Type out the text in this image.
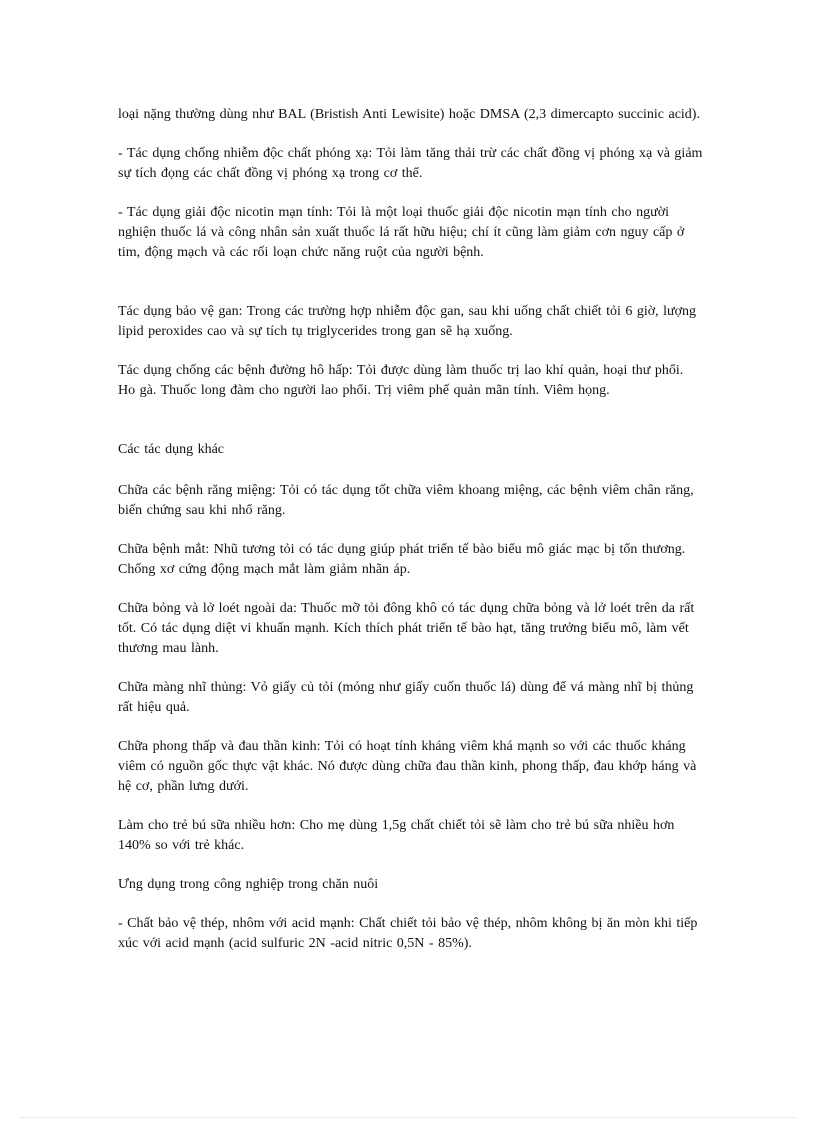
loại nặng thường dùng như BAL (Bristish Anti Lewisite) hoặc DMSA (2,3 dimercapto succinic acid).

- Tác dụng chống nhiễm độc chất phóng xạ: Tỏi làm tăng thải trừ các chất đồng vị phóng xạ và giảm sự tích đọng các chất đồng vị phóng xạ trong cơ thể.

- Tác dụng giải độc nicotin mạn tính: Tỏi là một loại thuốc giải độc nicotin mạn tính cho người nghiện thuốc lá và công nhân sản xuất thuốc lá rất hữu hiệu; chí ít cũng làm giảm cơn nguy cấp ở tim, động mạch và các rối loạn chức năng ruột của người bệnh.

Tác dụng bảo vệ gan: Trong các trường hợp nhiễm độc gan, sau khi uống chất chiết tỏi 6 giờ, lượng lipid peroxides cao và sự tích tụ triglycerides trong gan sẽ hạ xuống.

Tác dụng chống các bệnh đường hô hấp: Tỏi được dùng làm thuốc trị lao khí quản, hoại thư phổi. Ho gà. Thuốc long đàm cho người lao phổi. Trị viêm phế quản mãn tính. Viêm họng.

Các tác dụng khác

Chữa các bệnh răng miệng: Tỏi có tác dụng tốt chữa viêm khoang miệng, các bệnh viêm chân răng, biến chứng sau khi nhổ răng.

Chữa bệnh mắt: Nhũ tương tỏi có tác dụng giúp phát triển tế bào biểu mô giác mạc bị tổn thương. Chống xơ cứng động mạch mắt làm giảm nhãn áp.

Chữa bỏng và lở loét ngoài da: Thuốc mỡ tỏi đông khô có tác dụng chữa bỏng và lở loét trên da rất tốt. Có tác dụng diệt vi khuẩn mạnh. Kích thích phát triển tế bào hạt, tăng trưởng biểu mô, làm vết thương mau lành.

Chữa màng nhĩ thủng: Vỏ giấy củ tỏi (mỏng như giấy cuốn thuốc lá) dùng để vá màng nhĩ bị thủng rất hiệu quả.

Chữa phong thấp và đau thần kinh: Tỏi có hoạt tính kháng viêm khá mạnh so với các thuốc kháng viêm có nguồn gốc thực vật khác. Nó được dùng chữa đau thần kinh, phong thấp, đau khớp háng và hệ cơ, phần lưng dưới.

Làm cho trẻ bú sữa nhiều hơn: Cho mẹ dùng 1,5g chất chiết tỏi sẽ làm cho trẻ bú sữa nhiều hơn 140% so với trẻ khác.

Ưng dụng trong công nghiệp trong chăn nuôi

- Chất bảo vệ thép, nhôm với acid mạnh: Chất chiết tỏi bảo vệ thép, nhôm không bị ăn mòn khi tiếp xúc với acid mạnh (acid sulfuric 2N -acid nitric 0,5N - 85%).
